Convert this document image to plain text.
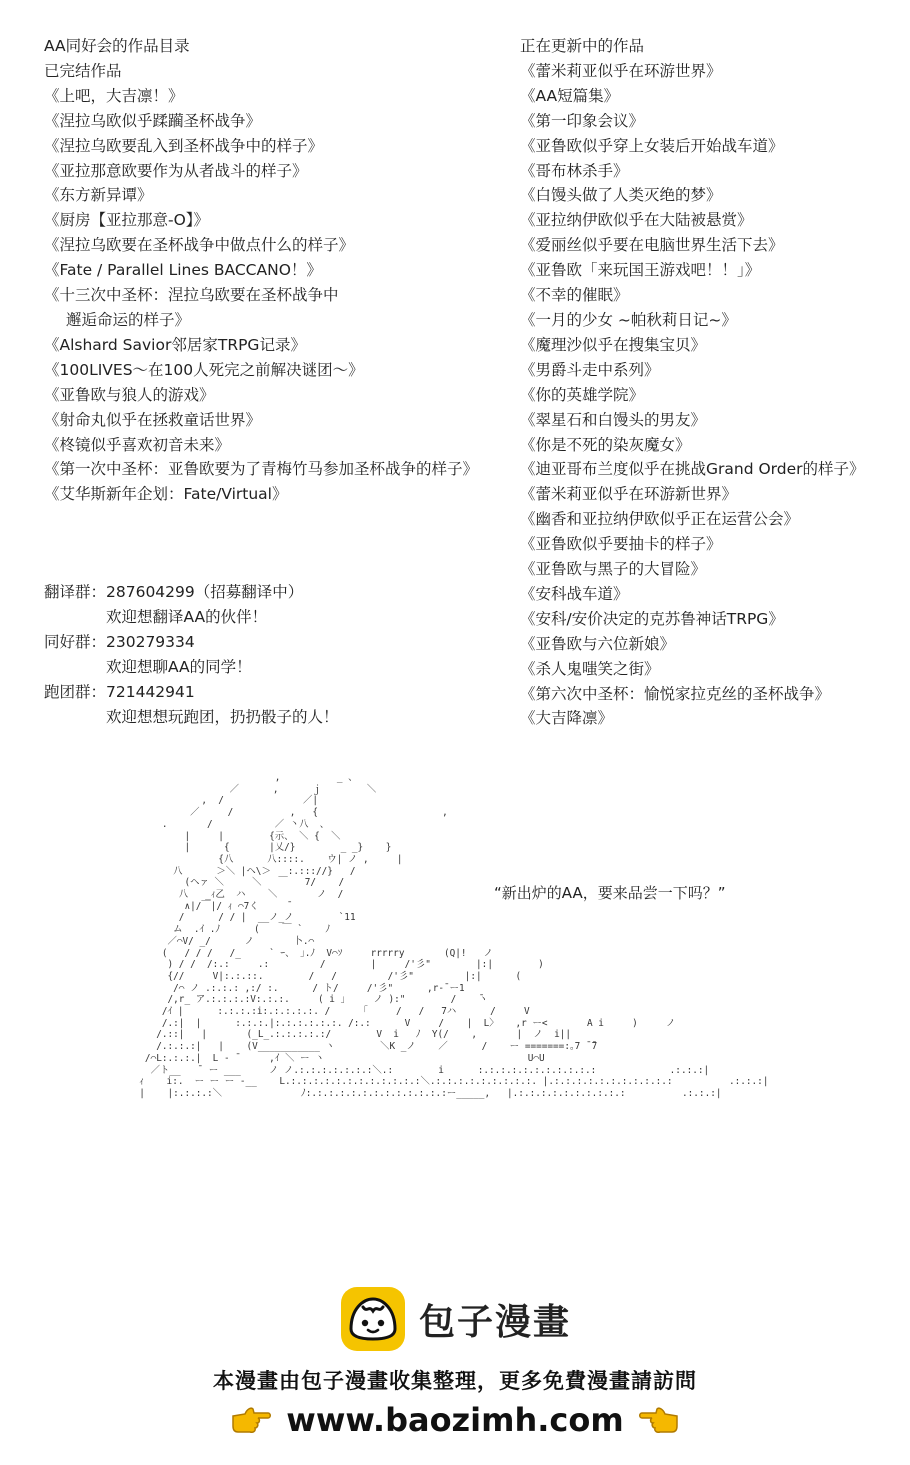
AA同好会的作品目录
已完结作品
《上吧，大吉凛！》
《涅拉乌欧似乎蹂躏圣杯战争》
《涅拉乌欧要乱入到圣杯战争中的样子》
《亚拉那意欧要作为从者战斗的样子》
《东方新异谭》
《厨房【亚拉那意-O】》
《涅拉乌欧要在圣杯战争中做点什么的样子》
《Fate / Parallel Lines BACCANO！》
《十三次中圣杯：涅拉乌欧要在圣杯战争中
邂逅命运的样子》
《Alshard Savior邻居家TRPG记录》
《100LIVES～在100人死完之前解决谜团～》
《亚鲁欧与狼人的游戏》
《射命丸似乎在拯救童话世界》
《柊镜似乎喜欢初音未来》
《第一次中圣杯：亚鲁欧要为了青梅竹马参加圣杯战争的样子》
《艾华斯新年企划：Fate/Virtual》
正在更新中的作品
《蕾米莉亚似乎在环游世界》
《AA短篇集》
《第一印象会议》
《亚鲁欧似乎穿上女装后开始战车道》
《哥布林杀手》
《白馒头做了人类灭绝的梦》
《亚拉纳伊欧似乎在大陆被悬赏》
《爱丽丝似乎要在电脑世界生活下去》
《亚鲁欧「来玩国王游戏吧！！」》
《不幸的催眠》
《一月的少女 ~帕秋莉日记~》
《魔理沙似乎在搜集宝贝》
《男爵斗走中系列》
《你的英雄学院》
《翠星石和白馒头的男友》
《你是不死的染灰魔女》
《迪亚哥布兰度似乎在挑战Grand Order的样子》
《蕾米莉亚似乎在环游新世界》
《幽香和亚拉纳伊欧似乎正在运营公会》
《亚鲁欧似乎要抽卡的样子》
《亚鲁欧与黑子的大冒险》
《安科战车道》
《安科/安价决定的克苏鲁神话TRPG》
《亚鲁欧与六位新娘》
《杀人鬼嗤笑之街》
《第六次中圣杯：愉悦家拉克丝的圣杯战争》
《大吉降凛》
翻译群：287604299（招募翻译中）
欢迎想翻译AA的伙伴！
同好群：230279334
欢迎想聊AA的同学！
跑团群：721442941
欢迎想想玩跑团，扔扔骰子的人！
,          _ 、
／      ,      ｊ        ＼
,  /              ／|
／     /          ,   {                      ,
.       /           ／ 丶八  、
|     |        {示、 ＼ {  ＼
|      {       |乂/}        _ _}    }
{八      八::::.    ウ| ノ ,     |
八      ＞＼ |ヘ\＞   :.::://}   /
(ヘァ ＼     ＼   ￣   7/    /
八   _ｨ乙  ハ    ＼       ノ  /
∧|/￣|/ ｨ ⌒7く     ¯
/      / / |  __ノ_ノ        `11
ム  .ｲ .ﾉ      (    ￣ `    ﾉ
／⌒V/ _/      ノ       卜.⌒
(   / / /   /_     ` ｰ、 ｣.ﾉ  V⌒ｿ     rrrrry       (Q|!   ノ
) / /  /:.:     .:         /        |     /'彡"        |:|        )
{//     V|:.:.::.        /   /         /'彡"         |:|      (
/⌒ ノ .:.:.: ,:/ :.      / ト/     /'彡"      ,r‐¯ー1
/,r_ ア.:.:.:.:V:.:.:.     ( i ｣     ノ ):"        /    ̄ヽ
/ｲ |      :.:.:.:i:.:.:.:.:. /     「     /   /   7ハ      /     V
/.:|  |      :.:.:.|:.:.:.:.:.:. /:.:      V     /    |  L〉   ,r ー<       A i     )     ノ
/.::|   |       (_L_.:.:.:.:.:/        V  i   ﾉ  Y(/    ,       |  ノ  i||
/.:.:.:|   |    (V___________ ヽ        ＼K _ノ    ／      /    ー =======:｡7 ̄ ̄7
/⌒L:.:.:.|  L - ¯     ,ｲ ＼ ー ヽ                                    U⌒U
／ト__   ¯ ー ___     ノ ノ.:.:.:.:.:.:.:＼.:        i      :.:.:.:.:.:.:.:.:.:.:             .:.:.:|
ｨ    i:.  ー ー ー -__    L.:.:.:.:.:.:.:.:.:.:.:.:＼.:.:.:.:.:.:.:.:.:. |.:.:.:.:.:.:.:.:.:.:.:          .:.:.:|
|    |:.:.:.:＼              ﾉ:.:.:.:.:.:.:.:.:.:.:.:.:ー_____,   |.:.:.:.:.:.:.:.:.:.:          .:.:.:|

“新出炉的AA，要来品尝一下吗？”
包子漫畫
本漫畫由包子漫畫收集整理，更多免費漫畫請訪問
www.baozimh.com
